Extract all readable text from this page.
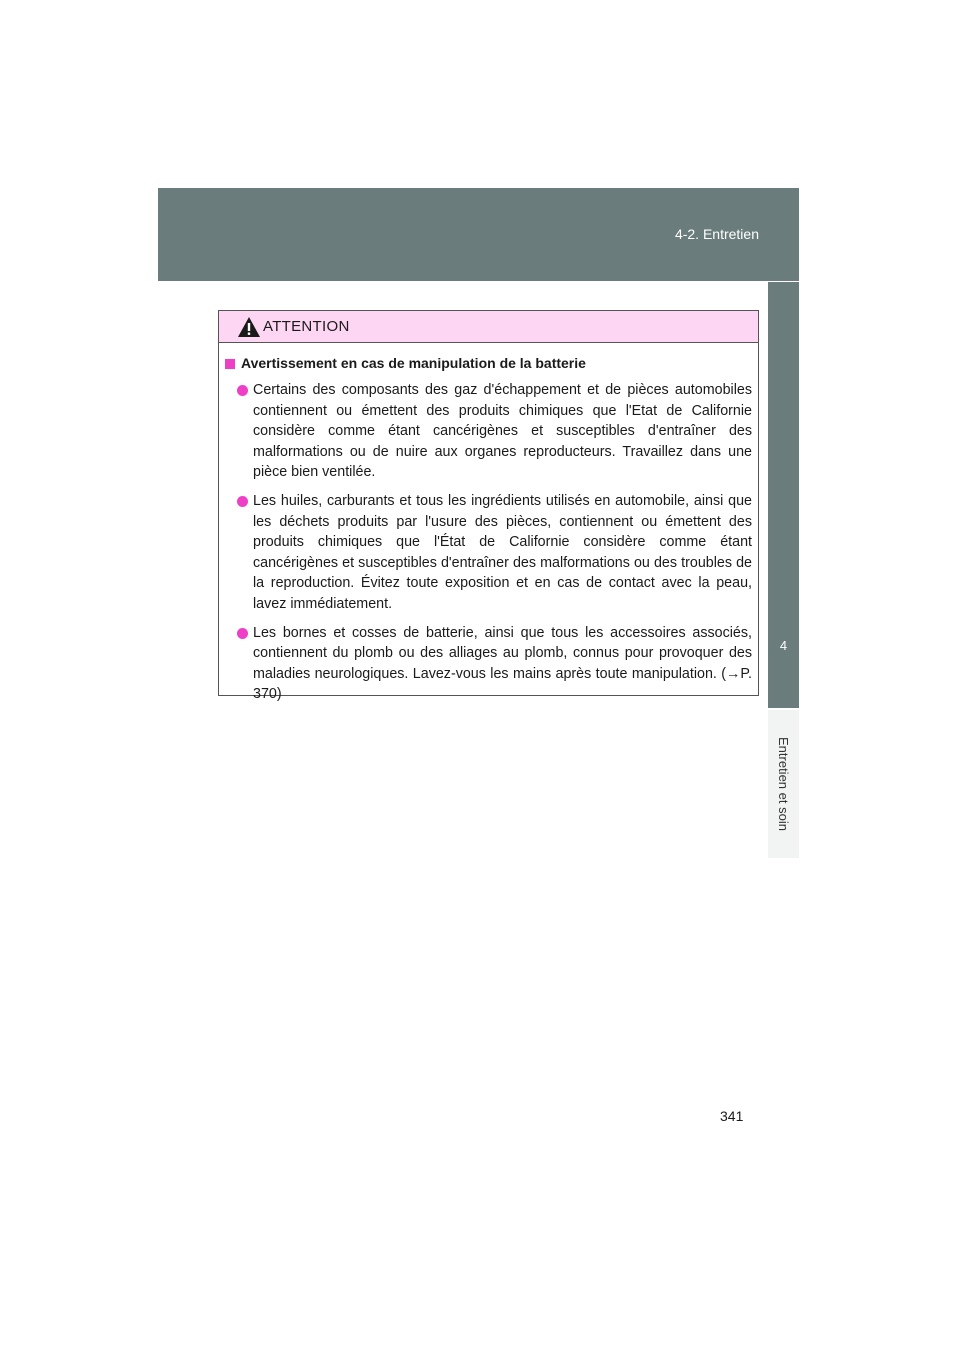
4-2. Entretien
4
Entretien et soin
ATTENTION
Avertissement en cas de manipulation de la batterie
Certains des composants des gaz d'échappement et de pièces automobiles contiennent ou émettent des produits chimiques que l'Etat de Californie considère comme étant cancérigènes et susceptibles d'entraîner des malformations ou de nuire aux organes reproducteurs. Travaillez dans une pièce bien ventilée.
Les huiles, carburants et tous les ingrédients utilisés en automobile, ainsi que les déchets produits par l'usure des pièces, contiennent ou émettent des produits chimiques que l'État de Californie considère comme étant cancérigènes et susceptibles d'entraîner des malformations ou des troubles de la reproduction. Évitez toute exposition et en cas de contact avec la peau, lavez immédiatement.
Les bornes et cosses de batterie, ainsi que tous les accessoires associés, contiennent du plomb ou des alliages au plomb, connus pour provoquer des maladies neurologiques. Lavez-vous les mains après toute manipulation. (→P. 370)
341
